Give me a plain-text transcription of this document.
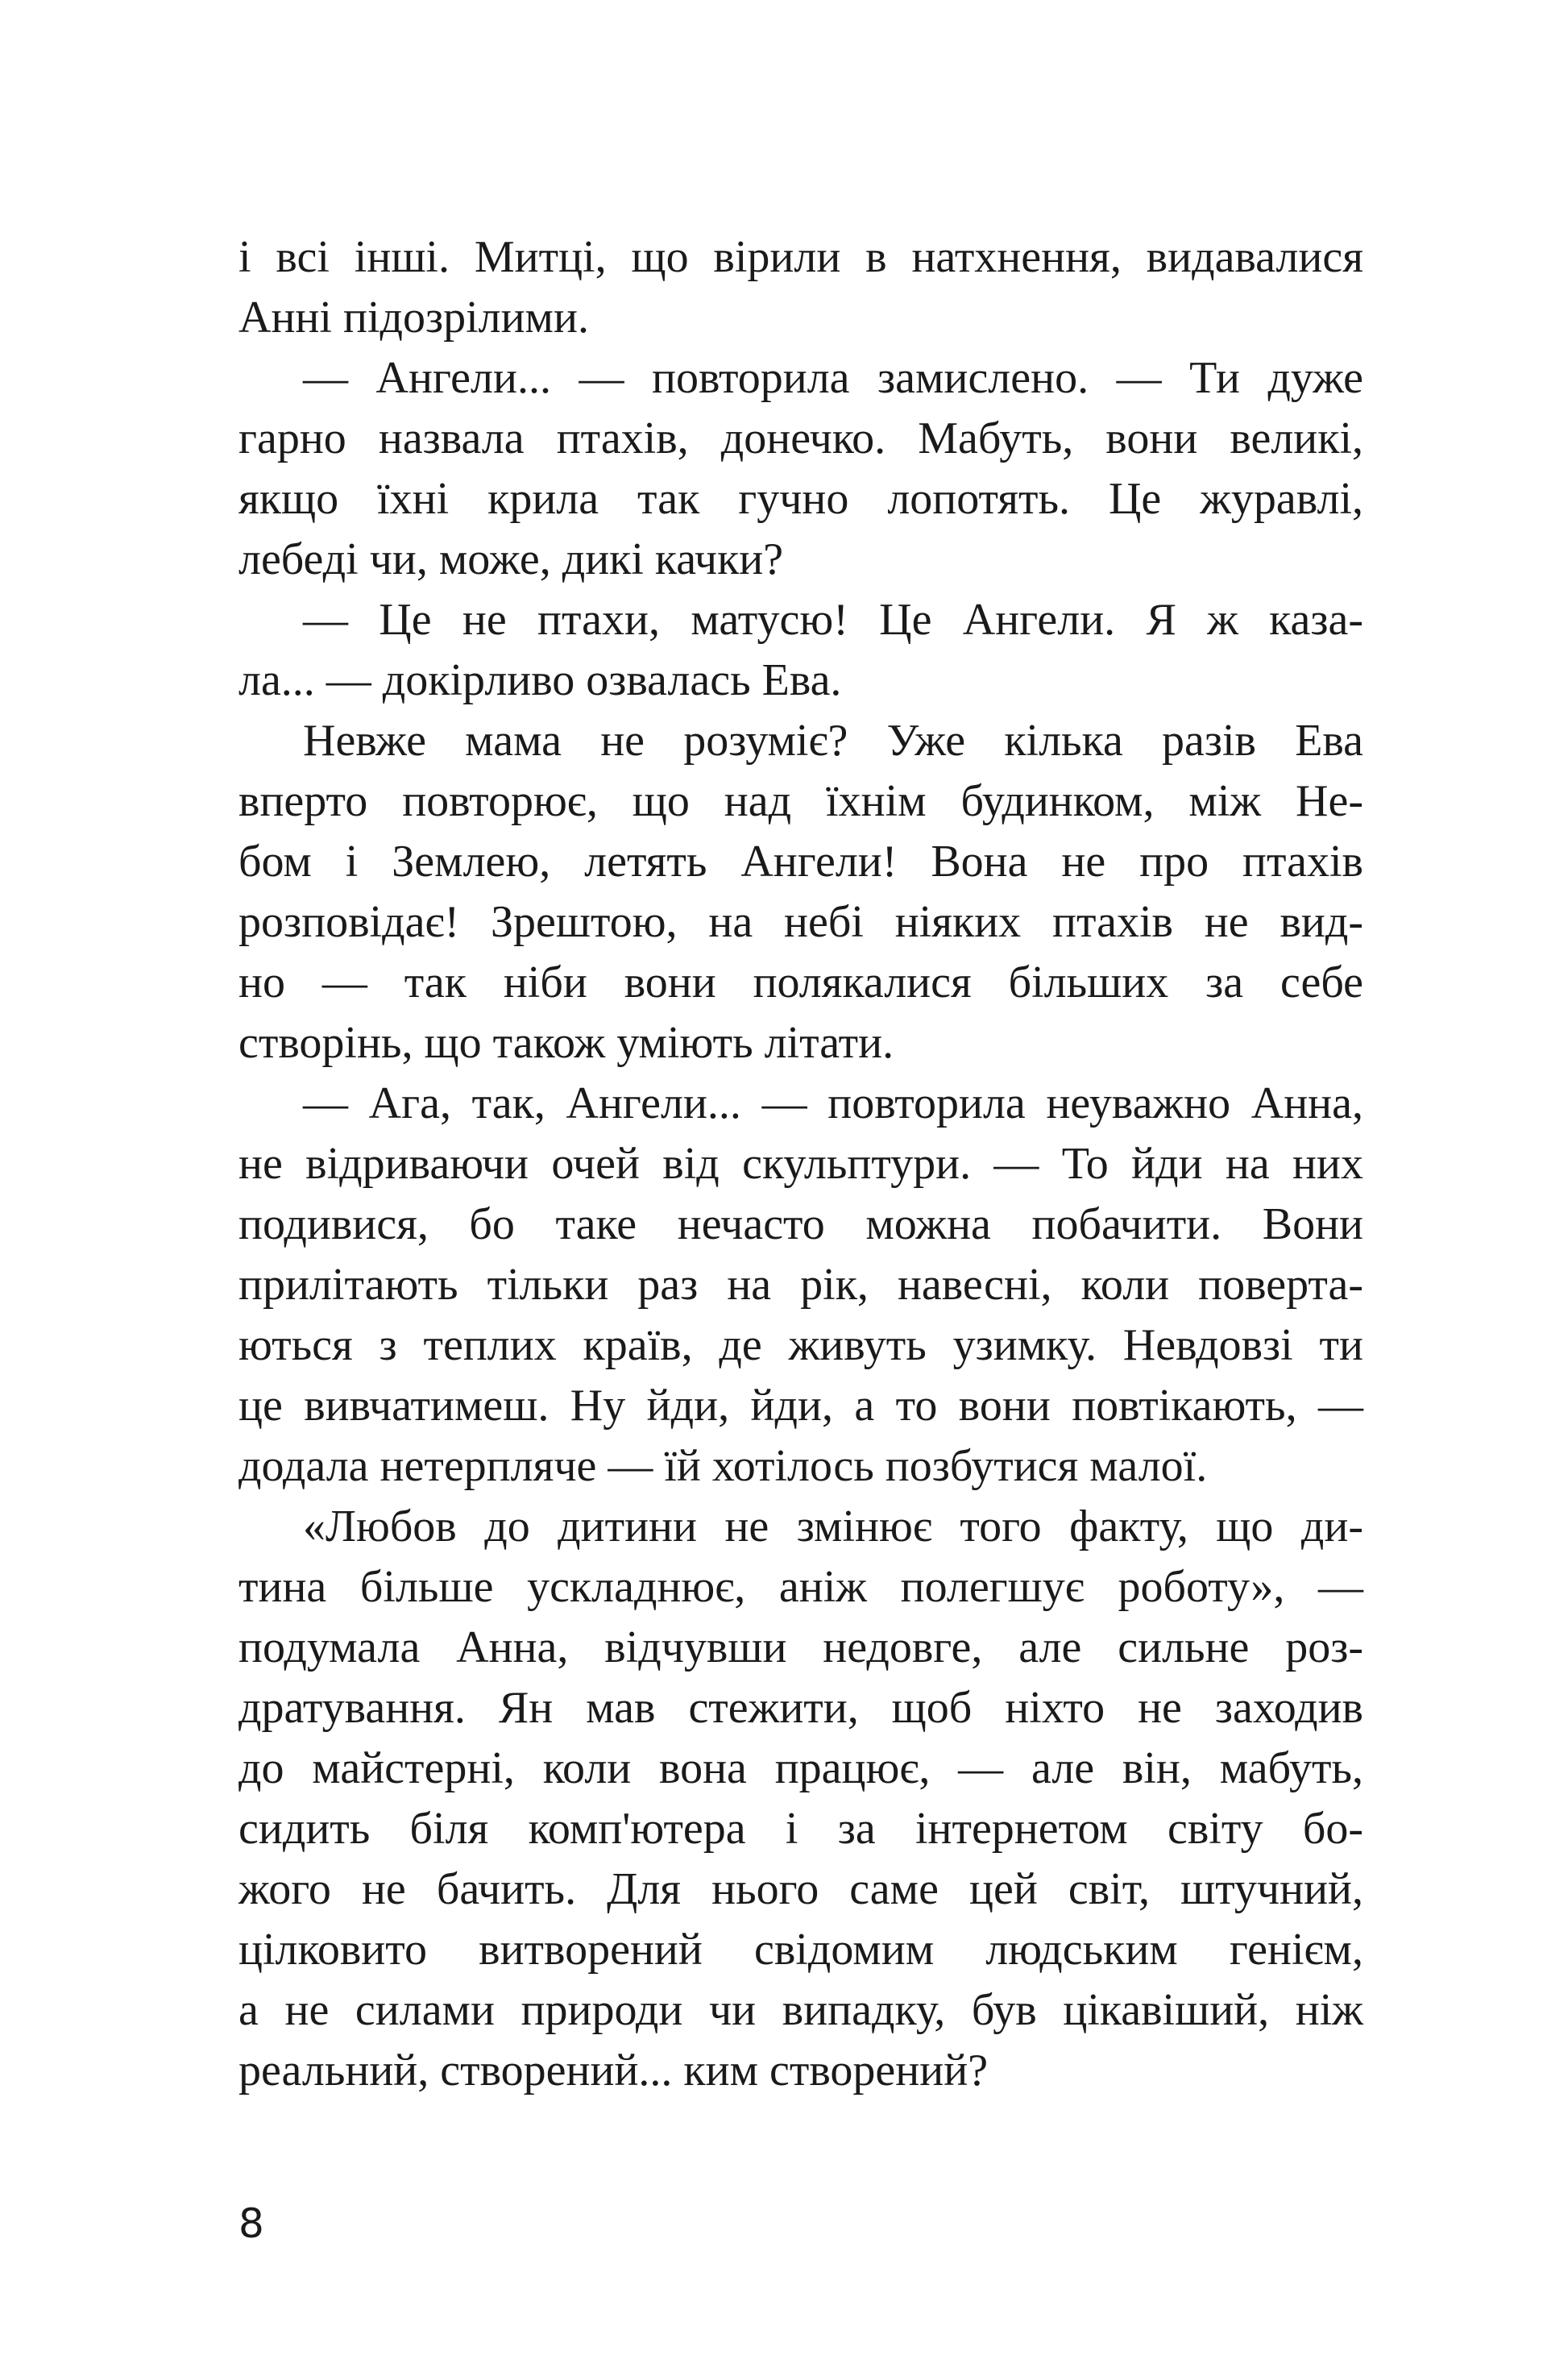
і всі інші. Митці, що вірили в натхнення, видавалися
Анні підозрілими.
— Ангели... — повторила замислено. — Ти дуже
гарно назвала птахів, донечко. Мабуть, вони великі,
якщо їхні крила так гучно лопотять. Це журавлі,
лебеді чи, може, дикі качки?
— Це не птахи, матусю! Це Ангели. Я ж каза-
ла... — докірливо озвалась Ева.
Невже мама не розуміє? Уже кілька разів Ева
вперто повторює, що над їхнім будинком, між Не-
бом і Землею, летять Ангели! Вона не про птахів
розповідає! Зрештою, на небі ніяких птахів не вид-
но — так ніби вони полякалися більших за себе
створінь, що також уміють літати.
— Ага, так, Ангели... — повторила неуважно Анна,
не відриваючи очей від скульптури. — То йди на них
подивися, бо таке нечасто можна побачити. Вони
прилітають тільки раз на рік, навесні, коли поверта-
ються з теплих країв, де живуть узимку. Невдовзі ти
це вивчатимеш. Ну йди, йди, а то вони повтікають, —
додала нетерпляче — їй хотілось позбутися малої.
«Любов до дитини не змінює того факту, що ди-
тина більше ускладнює, аніж полегшує роботу», —
подумала Анна, відчувши недовге, але сильне роз-
дратування. Ян мав стежити, щоб ніхто не заходив
до майстерні, коли вона працює, — але він, мабуть,
сидить біля комп'ютера і за інтернетом світу бо-
жого не бачить. Для нього саме цей світ, штучний,
цілковито витворений свідомим людським генієм,
а не силами природи чи випадку, був цікавіший, ніж
реальний, створений... ким створений?
8
